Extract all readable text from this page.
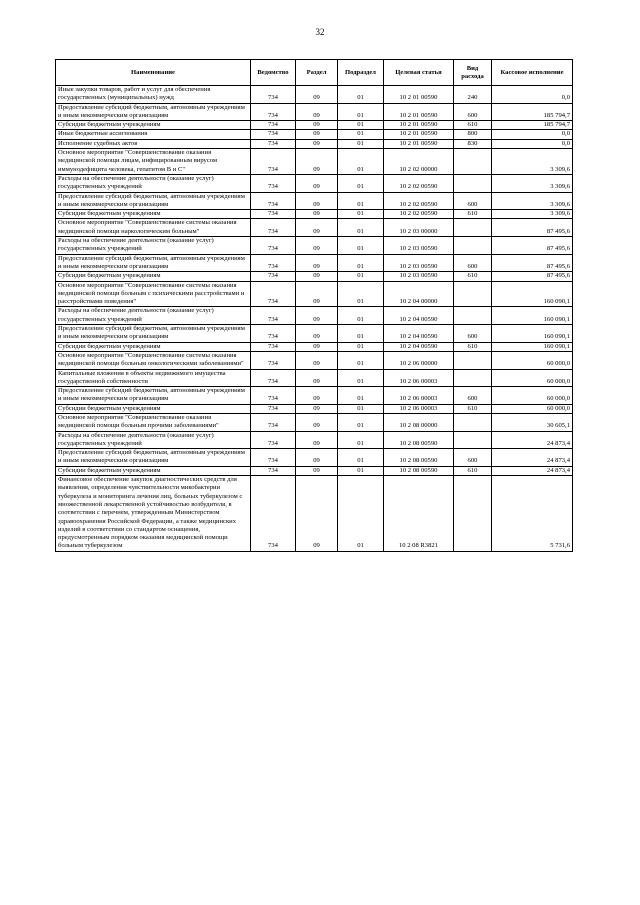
32
Наименование	Ведомство	Раздел	Подраздел	Целевая статья	Вид расхода	Кассовое исполнение
Иные закупки товаров, работ и услуг для обеспечения государственных (муниципальных) нужд	734	09	01	10 2 01 00590	240	0,0
Предоставление субсидий бюджетным, автономным учреждениям и иным некоммерческим организациям	734	09	01	10 2 01 00590	600	185 794,7
Субсидии бюджетным учреждениям	734	09	01	10 2 01 00590	610	185 794,7
Иные бюджетные ассигнования	734	09	01	10 2 01 00590	800	0,0
Исполнение судебных актов	734	09	01	10 2 01 00590	830	0,0
Основное мероприятие "Совершенствование оказания медицинской помощи лицам, инфицированным вирусом иммунодефицита человека, гепатитом В и С"	734	09	01	10 2 02 00000		3 309,6
Расходы на обеспечение деятельности (оказание услуг) государственных учреждений	734	09	01	10 2 02 00590		3 309,6
Предоставление субсидий бюджетным, автономным учреждениям и иным некоммерческим организациям	734	09	01	10 2 02 00590	600	3 309,6
Субсидии бюджетным учреждениям	734	09	01	10 2 02 00590	610	3 309,6
Основное мероприятие "Совершенствование системы оказания медицинской помощи наркологическим больным"	734	09	01	10 2 03 00000		87 495,6
Расходы на обеспечение деятельности (оказание услуг) государственных учреждений	734	09	01	10 2 03 00590		87 495,6
Предоставление субсидий бюджетным, автономным учреждениям и иным некоммерческим организациям	734	09	01	10 2 03 00590	600	87 495,6
Субсидии бюджетным учреждениям	734	09	01	10 2 03 00590	610	87 495,6
Основное мероприятие "Совершенствование системы оказания медицинской помощи больным с психическими расстройствами и расстройствами поведения"	734	09	01	10 2 04 00000		160 090,1
Расходы на обеспечение деятельности (оказание услуг) государственных учреждений	734	09	01	10 2 04 00590		160 090,1
Предоставление субсидий бюджетным, автономным учреждениям и иным некоммерческим организациям	734	09	01	10 2 04 00590	600	160 090,1
Субсидии бюджетным учреждениям	734	09	01	10 2 04 00590	610	160 090,1
Основное мероприятие "Совершенствование системы оказания медицинской помощи больным онкологическими заболеваниями"	734	09	01	10 2 06 00000		60 000,0
Капитальные вложения в объекты недвижимого имущества государственной собственности	734	09	01	10 2 06 00003		60 000,0
Предоставление субсидий бюджетным, автономным учреждениям и иным некоммерческим организациям	734	09	01	10 2 06 00003	600	60 000,0
Субсидии бюджетным учреждениям	734	09	01	10 2 06 00003	610	60 000,0
Основное мероприятие "Совершенствование оказания медицинской помощи больным прочими заболеваниями"	734	09	01	10 2 08 00000		30 605,1
Расходы на обеспечение деятельности (оказание услуг) государственных учреждений	734	09	01	10 2 08 00590		24 873,4
Предоставление субсидий бюджетным, автономным учреждениям и иным некоммерческим организациям	734	09	01	10 2 08 00590	600	24 873,4
Субсидии бюджетным учреждениям	734	09	01	10 2 08 00590	610	24 873,4
Финансовое обеспечение закупок диагностических средств для выявления, определения чувствительности микобактерии туберкулеза и мониторинга лечения лиц, больных туберкулезом с множественной лекарственной устойчивостью возбудителя, в соответствии с перечнем, утвержденным Министерством здравоохранения Российской Федерации, а также медицинских изделий в соответствии со стандартом оснащения, предусмотренным порядком оказания медицинской помощи больным туберкулезом	734	09	01	10 2 08 R3821		5 731,6
